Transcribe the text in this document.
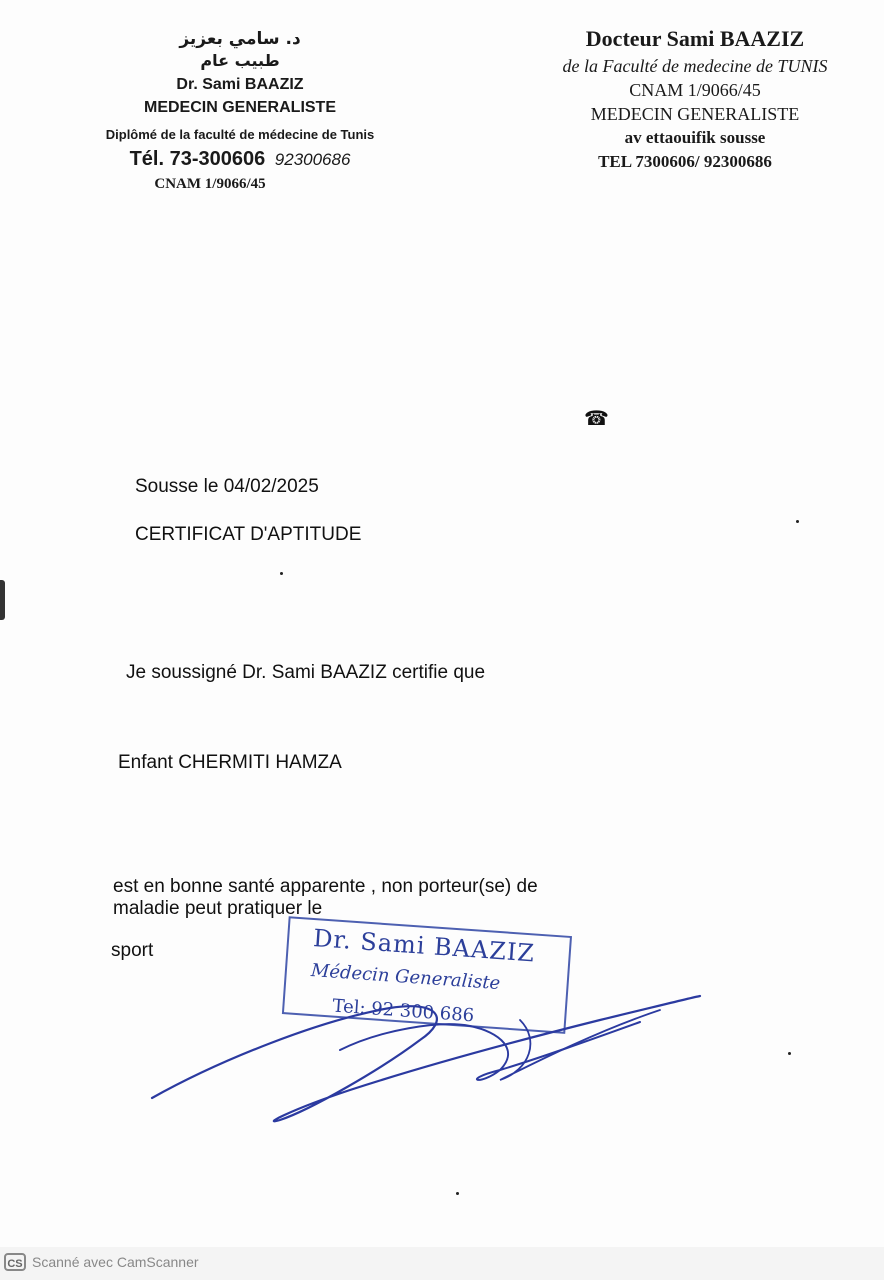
د. سامي بعزيز
طبيب عام
Dr. Sami BAAZIZ
MEDECIN GENERALISTE
Diplômé de la faculté de médecine de Tunis
Tél. 73-300606 92300686
CNAM 1/9066/45
Docteur Sami BAAZIZ
de la Faculté de medecine de TUNIS
CNAM 1/9066/45
MEDECIN GENERALISTE
av ettaouifik sousse
TEL 7300606/ 92300686
☎
Sousse le 04/02/2025
CERTIFICAT D'APTITUDE
Je soussigné Dr. Sami BAAZIZ certifie que
Enfant CHERMITI HAMZA
est en bonne santé apparente , non porteur(se) de
maladie peut pratiquer le
sport	Dr. Sami BAAZIZ
Médecin Generaliste
Tel: 92 300 686
CS Scanné avec CamScanner
